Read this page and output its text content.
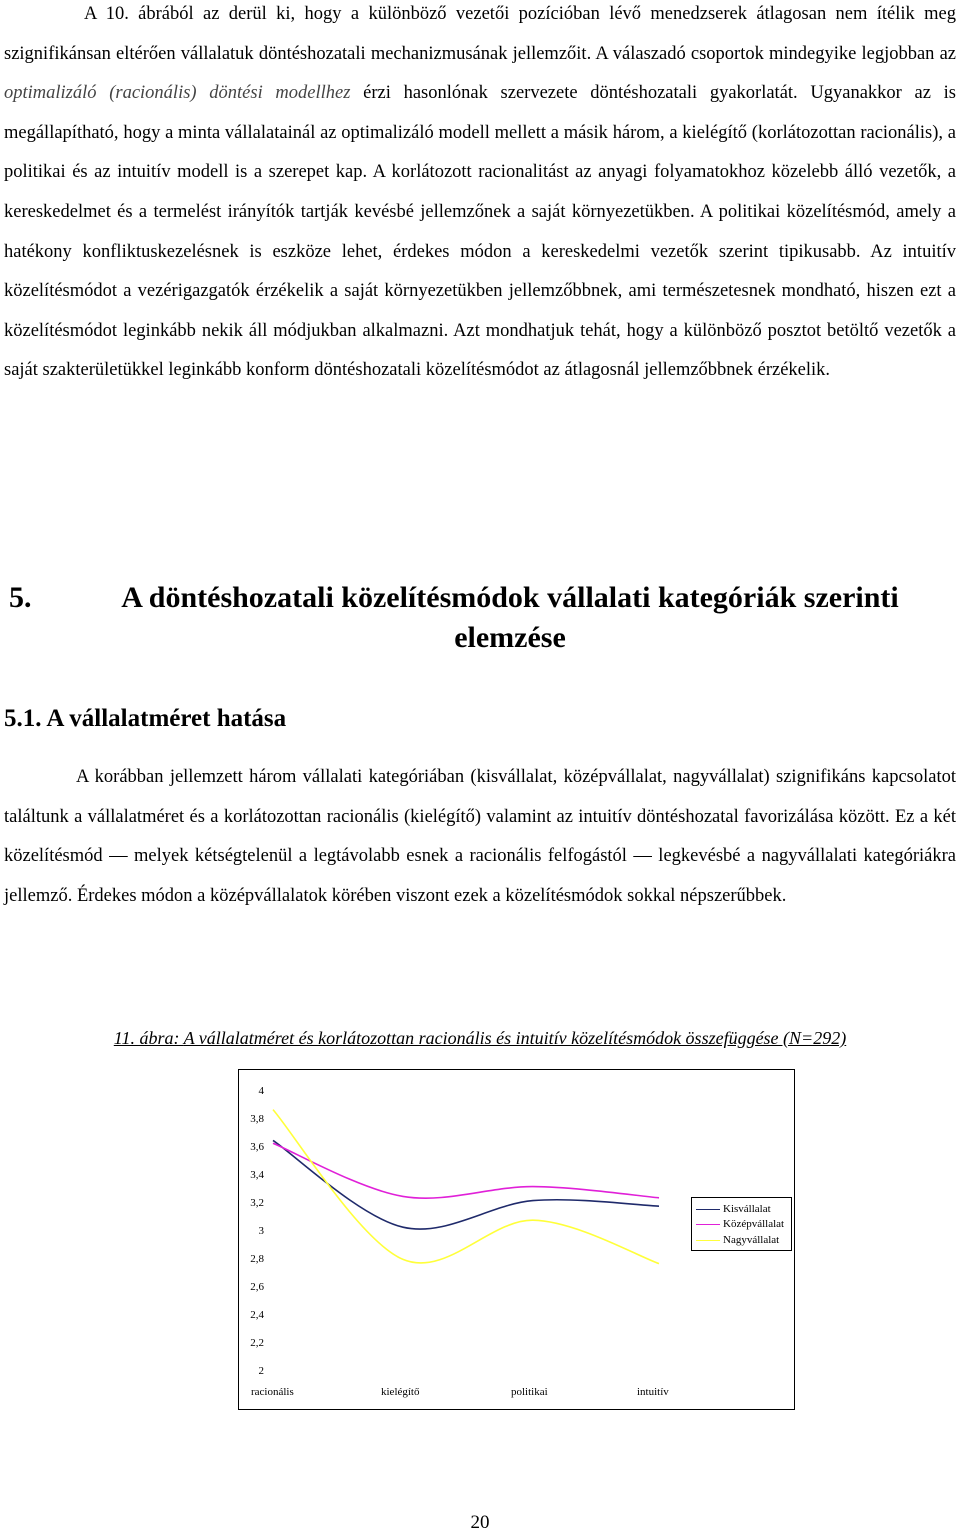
A 10. ábrából az derül ki, hogy a különböző vezetői pozícióban lévő menedzserek átlagosan nem ítélik meg szignifikánsan eltérően vállalatuk döntéshozatali mechanizmusának jellemzőit. A válaszadó csoportok mindegyike legjobban az optimalizáló (racionális) döntési modellhez érzi hasonlónak szervezete döntéshozatali gyakorlatát. Ugyanakkor az is megállapítható, hogy a minta vállalatainál az optimalizáló modell mellett a másik három, a kielégítő (korlátozottan racionális), a politikai és az intuitív modell is a szerepet kap. A korlátozott racionalitást az anyagi folyamatokhoz közelebb álló vezetők, a kereskedelmet és a termelést irányítók tartják kevésbé jellemzőnek a saját környezetükben. A politikai közelítésmód, amely a hatékony konfliktuskezelésnek is eszköze lehet, érdekes módon a kereskedelmi vezetők szerint tipikusabb. Az intuitív közelítésmódot a vezérigazgatók érzékelik a saját környezetükben jellemzőbbnek, ami természetesnek mondható, hiszen ezt a közelítésmódot leginkább nekik áll módjukban alkalmazni. Azt mondhatjuk tehát, hogy a különböző posztot betöltő vezetők a saját szakterületükkel leginkább konform döntéshozatali közelítésmódot az átlagosnál jellemzőbbnek érzékelik.

5.	A döntéshozatali közelítésmódok vállalati kategóriák szerinti elemzése
5.1. A vállalatméret hatása

A korábban jellemzett három vállalati kategóriában (kisvállalat, középvállalat, nagyvállalat) szignifikáns kapcsolatot találtunk a vállalatméret és a korlátozottan racionális (kielégítő) valamint az intuitív döntéshozatal favorizálása között. Ez a két közelítésmód ― melyek kétségtelenül a legtávolabb esnek a racionális felfogástól ― legkevésbé a nagyvállalati kategóriákra jellemző. Érdekes módon a középvállalatok körében viszont ezek a közelítésmódok sokkal népszerűbbek.

11. ábra: A vállalatméret és korlátozottan racionális és intuitív közelítésmódok összefüggése (N=292)
2
2,2
2,4
2,6
2,8
3
3,2
3,4
3,6
3,8
4
racionális	kielégítő	politikai	intuitív
Kisvállalat
Középvállalat
Nagyvállalat
20
